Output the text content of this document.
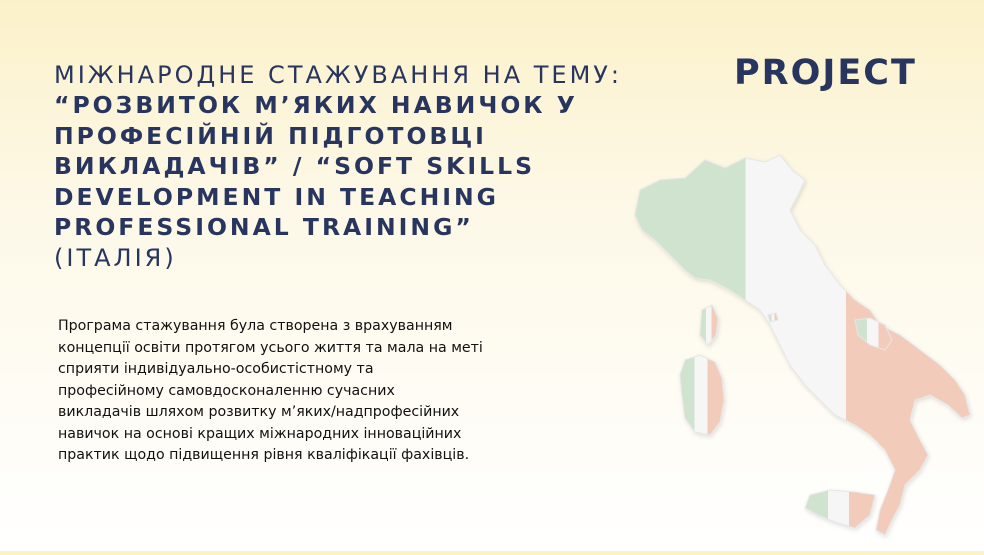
МІЖНАРОДНЕ СТАЖУВАННЯ НА ТЕМУ:
“РОЗВИТОК М’ЯКИХ НАВИЧОК У
ПРОФЕСІЙНІЙ ПІДГОТОВЦІ
ВИКЛАДАЧІВ” / “SOFT SKILLS
DEVELOPMENT IN TEACHING
PROFESSIONAL TRAINING”
(ІТАЛІЯ)
PROJECT
Програма стажування була створена з врахуванням
концепції освіти протягом усього життя та мала на меті
сприяти індивідуально-особистістному та
професійному самовдосконаленню сучасних
викладачів шляхом розвитку м’яких/надпрофесійних
навичок на основі кращих міжнародних інноваційних
практик щодо підвищення рівня кваліфікації фахівців.
